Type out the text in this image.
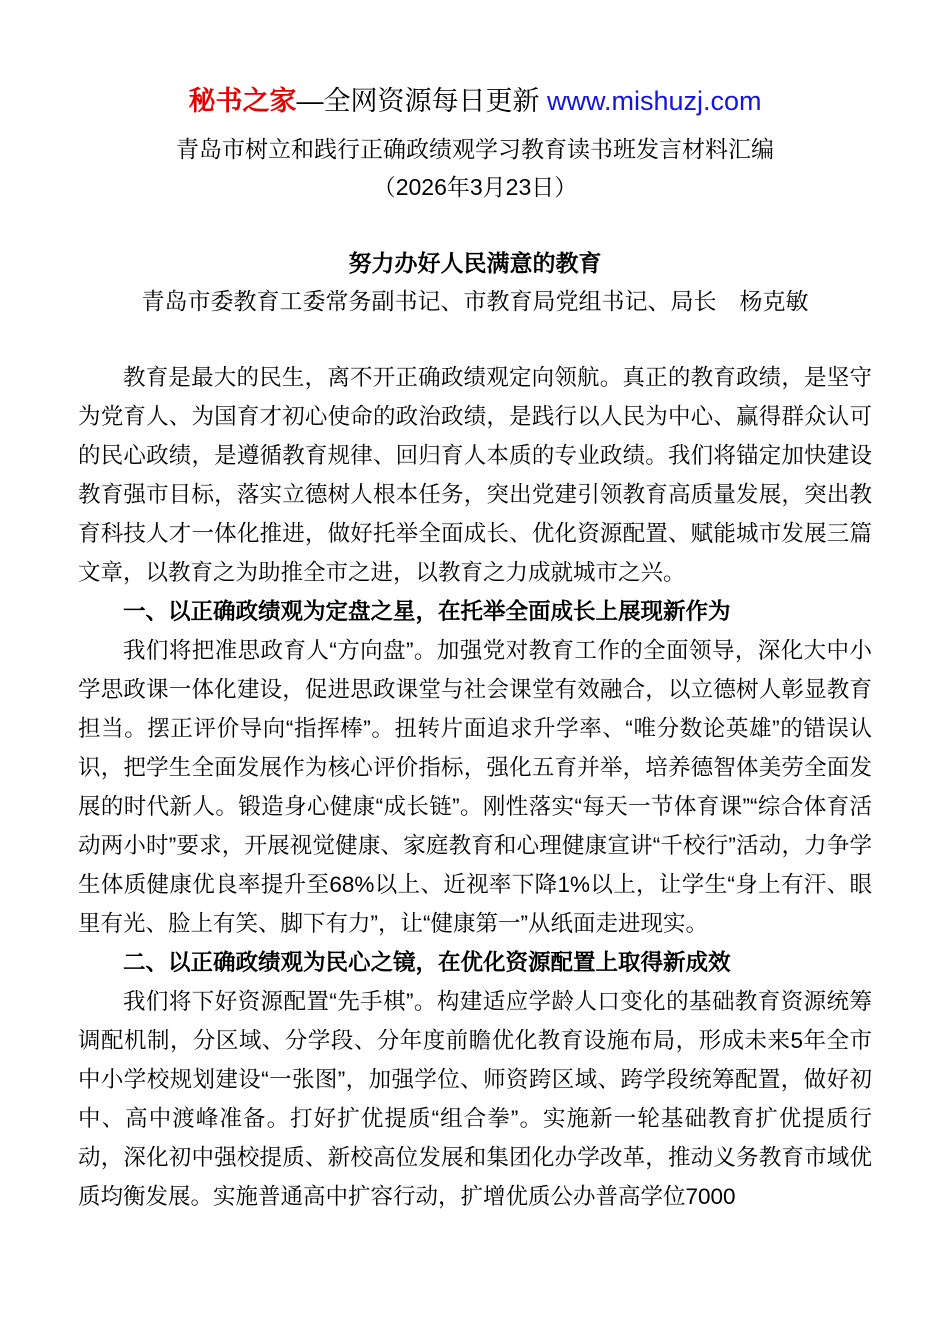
秘书之家—全网资源每日更新 www.mishuzj.com
青岛市树立和践行正确政绩观学习教育读书班发言材料汇编
（2026年3月23日）
努力办好人民满意的教育
青岛市委教育工委常务副书记、市教育局党组书记、局长　杨克敏

教育是最大的民生，离不开正确政绩观定向领航。真正的教育政绩，是坚守为党育人、为国育才初心使命的政治政绩，是践行以人民为中心、赢得群众认可的民心政绩，是遵循教育规律、回归育人本质的专业政绩。我们将锚定加快建设教育强市目标，落实立德树人根本任务，突出党建引领教育高质量发展，突出教育科技人才一体化推进，做好托举全面成长、优化资源配置、赋能城市发展三篇文章，以教育之为助推全市之进，以教育之力成就城市之兴。

一、以正确政绩观为定盘之星，在托举全面成长上展现新作为

我们将把准思政育人“方向盘”。加强党对教育工作的全面领导，深化大中小学思政课一体化建设，促进思政课堂与社会课堂有效融合，以立德树人彰显教育担当。摆正评价导向“指挥棒”。扭转片面追求升学率、“唯分数论英雄”的错误认识，把学生全面发展作为核心评价指标，强化五育并举，培养德智体美劳全面发展的时代新人。锻造身心健康“成长链”。刚性落实“每天一节体育课”“综合体育活动两小时”要求，开展视觉健康、家庭教育和心理健康宣讲“千校行”活动，力争学生体质健康优良率提升至68%以上、近视率下降1%以上，让学生“身上有汗、眼里有光、脸上有笑、脚下有力”，让“健康第一”从纸面走进现实。

二、以正确政绩观为民心之镜，在优化资源配置上取得新成效

我们将下好资源配置“先手棋”。构建适应学龄人口变化的基础教育资源统筹调配机制，分区域、分学段、分年度前瞻优化教育设施布局，形成未来5年全市中小学校规划建设“一张图”，加强学位、师资跨区域、跨学段统筹配置，做好初中、高中渡峰准备。打好扩优提质“组合拳”。实施新一轮基础教育扩优提质行动，深化初中强校提质、新校高位发展和集团化办学改革，推动义务教育市域优质均衡发展。实施普通高中扩容行动，扩增优质公办普高学位7000
